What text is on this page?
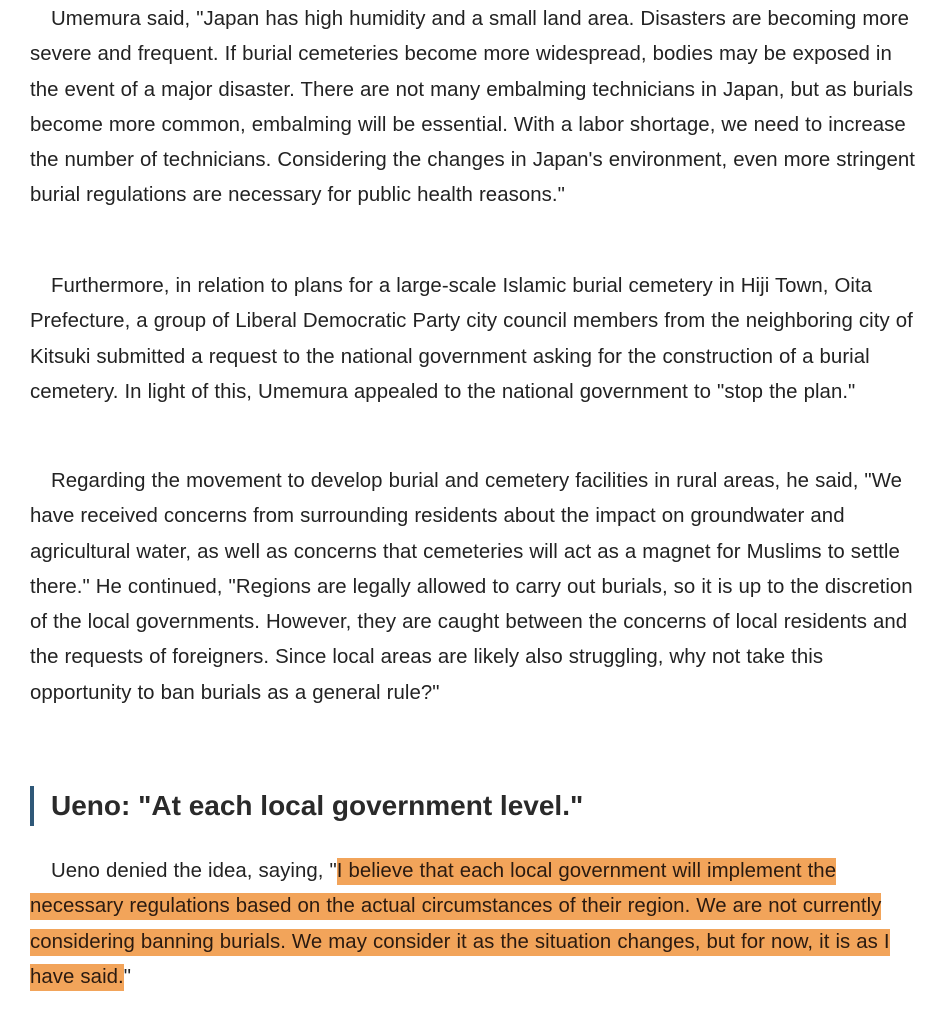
Umemura said, "Japan has high humidity and a small land area. Disasters are becoming more severe and frequent. If burial cemeteries become more widespread, bodies may be exposed in the event of a major disaster. There are not many embalming technicians in Japan, but as burials become more common, embalming will be essential. With a labor shortage, we need to increase the number of technicians. Considering the changes in Japan's environment, even more stringent burial regulations are necessary for public health reasons."

Furthermore, in relation to plans for a large-scale Islamic burial cemetery in Hiji Town, Oita Prefecture, a group of Liberal Democratic Party city council members from the neighboring city of Kitsuki submitted a request to the national government asking for the construction of a burial cemetery. In light of this, Umemura appealed to the national government to "stop the plan."

Regarding the movement to develop burial and cemetery facilities in rural areas, he said, "We have received concerns from surrounding residents about the impact on groundwater and agricultural water, as well as concerns that cemeteries will act as a magnet for Muslims to settle there." He continued, "Regions are legally allowed to carry out burials, so it is up to the discretion of the local governments. However, they are caught between the concerns of local residents and the requests of foreigners. Since local areas are likely also struggling, why not take this opportunity to ban burials as a general rule?"

Ueno: "At each local government level."

Ueno denied the idea, saying, "I believe that each local government will implement the necessary regulations based on the actual circumstances of their region. We are not currently considering banning burials. We may consider it as the situation changes, but for now, it is as I have said."
